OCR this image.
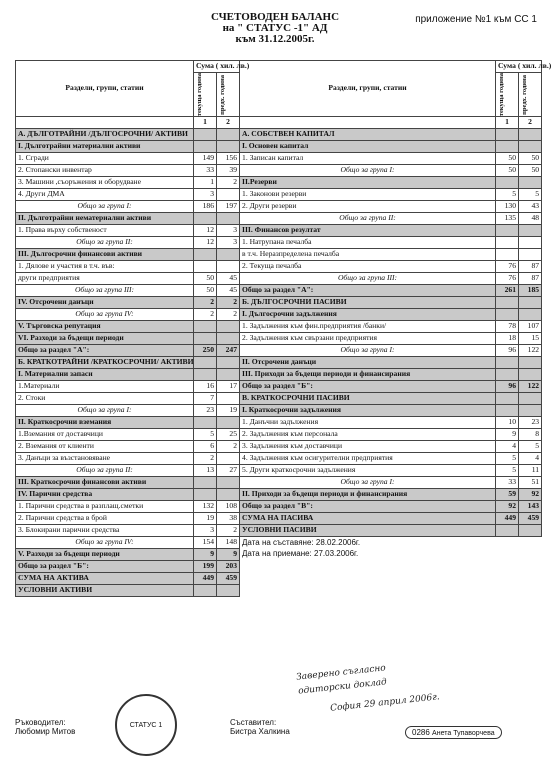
СЧЕТОВОДЕН БАЛАНС
на " СТАТУС -1" АД
към 31.12.2005г.
приложение №1 към СС 1
Раздели, групи, статии	Сума ( хил. лв.)		Раздели, групи, статии	Сума ( хил. лв.)	

	текуща година	предх. година		текуща година	предх. година

	1	2		1	2
А. ДЪЛГОТРАЙНИ /ДЪЛГОСРОЧНИ/ АКТИВИ			А. СОБСТВЕН КАПИТАЛ		
I. Дълготрайни материални активи			I. Основен капитал		
1. Сгради	149	156	1. Записан капитал	50	50
2. Стопански инвентар	33	39	Общо за група I:	50	50
3. Машини ,съоръжения и оборудване	1	2	II.Резерви		
4. Други ДМА	3		1. Законови резерви	5	5
Общо за група I:	186	197	2. Други резерви	130	43
II. Дълготрайни нематериални активи			Общо за група II:	135	48
1. Права върху собственост	12	3	III. Финансов резултат		
Общо за група II:	12	3	1. Натрупана печалба		
III. Дългосрочни финансови активи			в т.ч. Неразпределена печалба		
1. Дялове и участия в т.ч. във:			2. Текуща печалба	76	87
други предприятия	50	45	Общо за група III:	76	87
Общо за група III:	50	45	Общо за раздел "А":	261	185
IV. Отсрочени данъци	2	2	Б. ДЪЛГОСРОЧНИ ПАСИВИ		
Общо за група IV:	2	2	I. Дългосрочни задължения		
V. Търговска репутация			1. Задължения към фин.предприятия /банки/	78	107
VI. Разходи за бъдещи периоди			2. Задължения към свързани предприятия	18	15
Общо за раздел "А":	250	247	Общо за група I:	96	122
Б. КРАТКОТРАЙНИ /КРАТКОСРОЧНИ/ АКТИВИ			II. Отсрочени данъци		
I. Материални запаси			III. Приходи за бъдещи периоди и финансирания		
1.Материали	16	17	Общо за раздел "Б":	96	122
2. Стоки	7		В. КРАТКОСРОЧНИ ПАСИВИ		
Общо за група I:	23	19	I. Краткосрочни задължения		
II. Краткосрочни вземания			1. Данъчни задължения	10	23
1.Вземания от доставчици	5	25	2. Задължения към персонала	9	8
2. Вземания от клиенти	6	2	3. Задължения към доставчици	4	5
3. Данъци за възстановяване	2		4. Задължения към осигурителни предприятия	5	4
Общо за група II:	13	27	5. Други краткосрочни задължения	5	11
III. Краткосрочни финансови активи			Общо за група I:	33	51
IV. Парични средства			II. Приходи за бъдещи периоди и финансирания	59	92
1. Парични средства в разплащ.сметки	132	108	Общо за раздел "В":	92	143
2. Парични средства в брой	19	38	СУМА НА ПАСИВА	449	459
3. Блокирани парични средства	3	2	УСЛОВНИ ПАСИВИ		
Общо за група IV:	154	148	Дата на съставяне: 28.02.2006г.		
V. Разходи за бъдещи периоди	9	9	Дата на приемане: 27.03.2006г.		
Общо за раздел "Б":	199	203			
СУМА НА АКТИВА	449	459			
УСЛОВНИ АКТИВИ					
Ръководител:
Любомир Митов
СТАТУС 1	Съставител:
Бистра Халкина	0286 Анета Тупаворчева
Заверено съгласно
одиторски доклад
София 29 април 2006г.
